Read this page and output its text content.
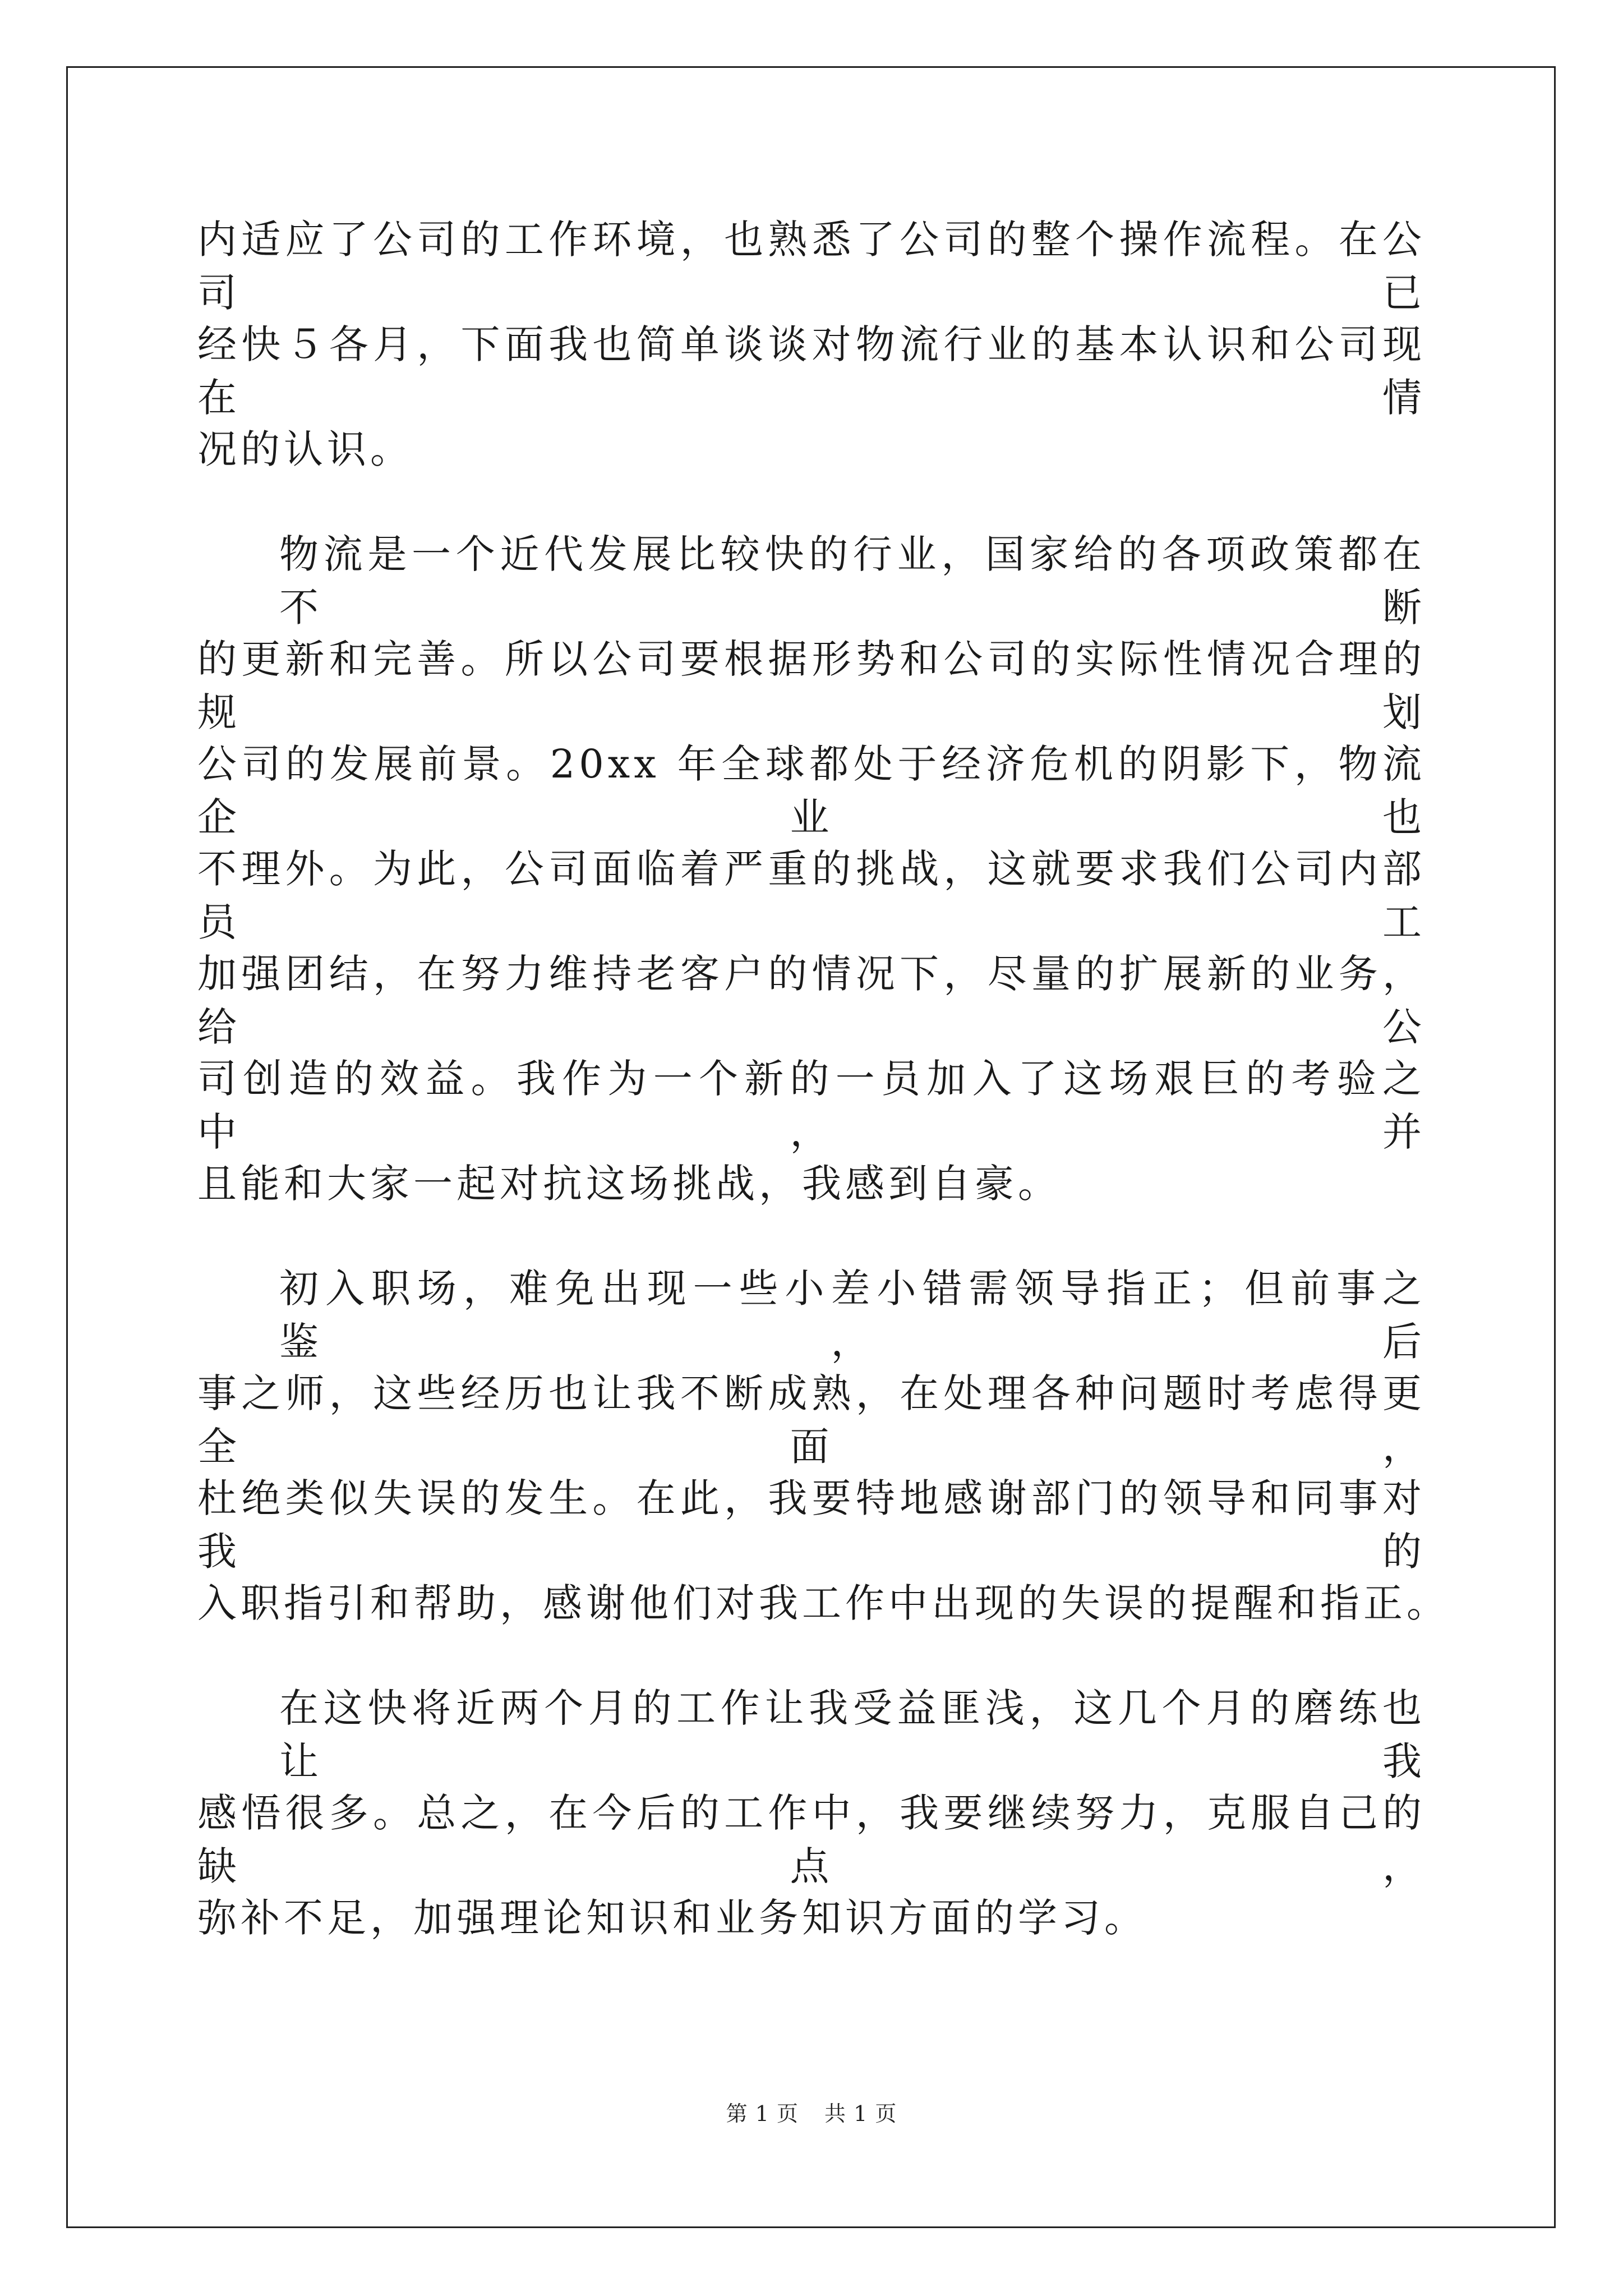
内适应了公司的工作环境，也熟悉了公司的整个操作流程。在公司已
经快５各月，下面我也简单谈谈对物流行业的基本认识和公司现在情
况的认识。
物流是一个近代发展比较快的行业，国家给的各项政策都在不断
的更新和完善。所以公司要根据形势和公司的实际性情况合理的规划
公司的发展前景。20xx 年全球都处于经济危机的阴影下，物流企业也
不理外。为此，公司面临着严重的挑战，这就要求我们公司内部员工
加强团结，在努力维持老客户的情况下，尽量的扩展新的业务，给公
司创造的效益。我作为一个新的一员加入了这场艰巨的考验之中，并
且能和大家一起对抗这场挑战，我感到自豪。
初入职场，难免出现一些小差小错需领导指正；但前事之鉴，后
事之师，这些经历也让我不断成熟，在处理各种问题时考虑得更全面，
杜绝类似失误的发生。在此，我要特地感谢部门的领导和同事对我的
入职指引和帮助，感谢他们对我工作中出现的失误的提醒和指正。
在这快将近两个月的工作让我受益匪浅，这几个月的磨练也让我
感悟很多。总之，在今后的工作中，我要继续努力，克服自己的缺点，
弥补不足，加强理论知识和业务知识方面的学习。
第 1 页 共 1 页
